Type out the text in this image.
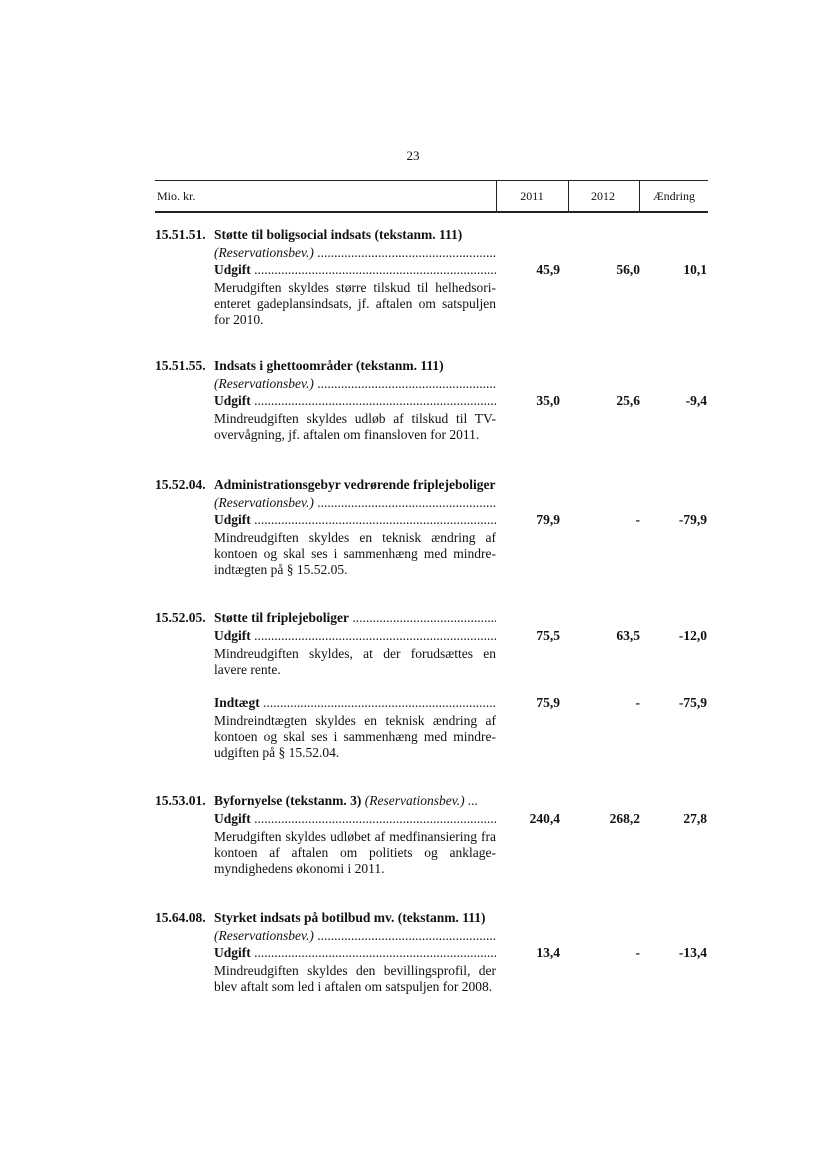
23
Mio. kr.	2011	2012	Ændring
15.51.51. Støtte til boligsocial indsats (tekstanm. 111)
(Reservationsbev.) .....
Udgift .....	45,9	56,0	10,1
Merudgiften skyldes større tilskud til helhedsori-enteret gadeplansindsats, jf. aftalen om satspuljen for 2010.
15.51.55. Indsats i ghettoområder (tekstanm. 111)
(Reservationsbev.) .....
Udgift .....	35,0	25,6	-9,4
Mindreudgiften skyldes udløb af tilskud til TV-overvågning, jf. aftalen om finansloven for 2011.
15.52.04. Administrationsgebyr vedrørende friplejeboliger
(Reservationsbev.) .....
Udgift .....	79,9	-	-79,9
Mindreudgiften skyldes en teknisk ændring af kontoen og skal ses i sammenhæng med mindre-indtægten på § 15.52.05.
15.52.05. Støtte til friplejeboliger .....
Udgift .....	75,5	63,5	-12,0
Mindreudgiften skyldes, at der forudsættes en lavere rente.
Indtægt .....	75,9	-	-75,9
Mindreindtægten skyldes en teknisk ændring af kontoen og skal ses i sammenhæng med mindre-udgiften på § 15.52.04.
15.53.01. Byfornyelse (tekstanm. 3) (Reservationsbev.) ...
Udgift .....	240,4	268,2	27,8
Merudgiften skyldes udløbet af medfinansiering fra kontoen af aftalen om politiets og anklage-myndighedens økonomi i 2011.
15.64.08. Styrket indsats på botilbud mv. (tekstanm. 111)
(Reservationsbev.) .....
Udgift .....	13,4	-	-13,4
Mindreudgiften skyldes den bevillingsprofil, der blev aftalt som led i aftalen om satspuljen for 2008.
